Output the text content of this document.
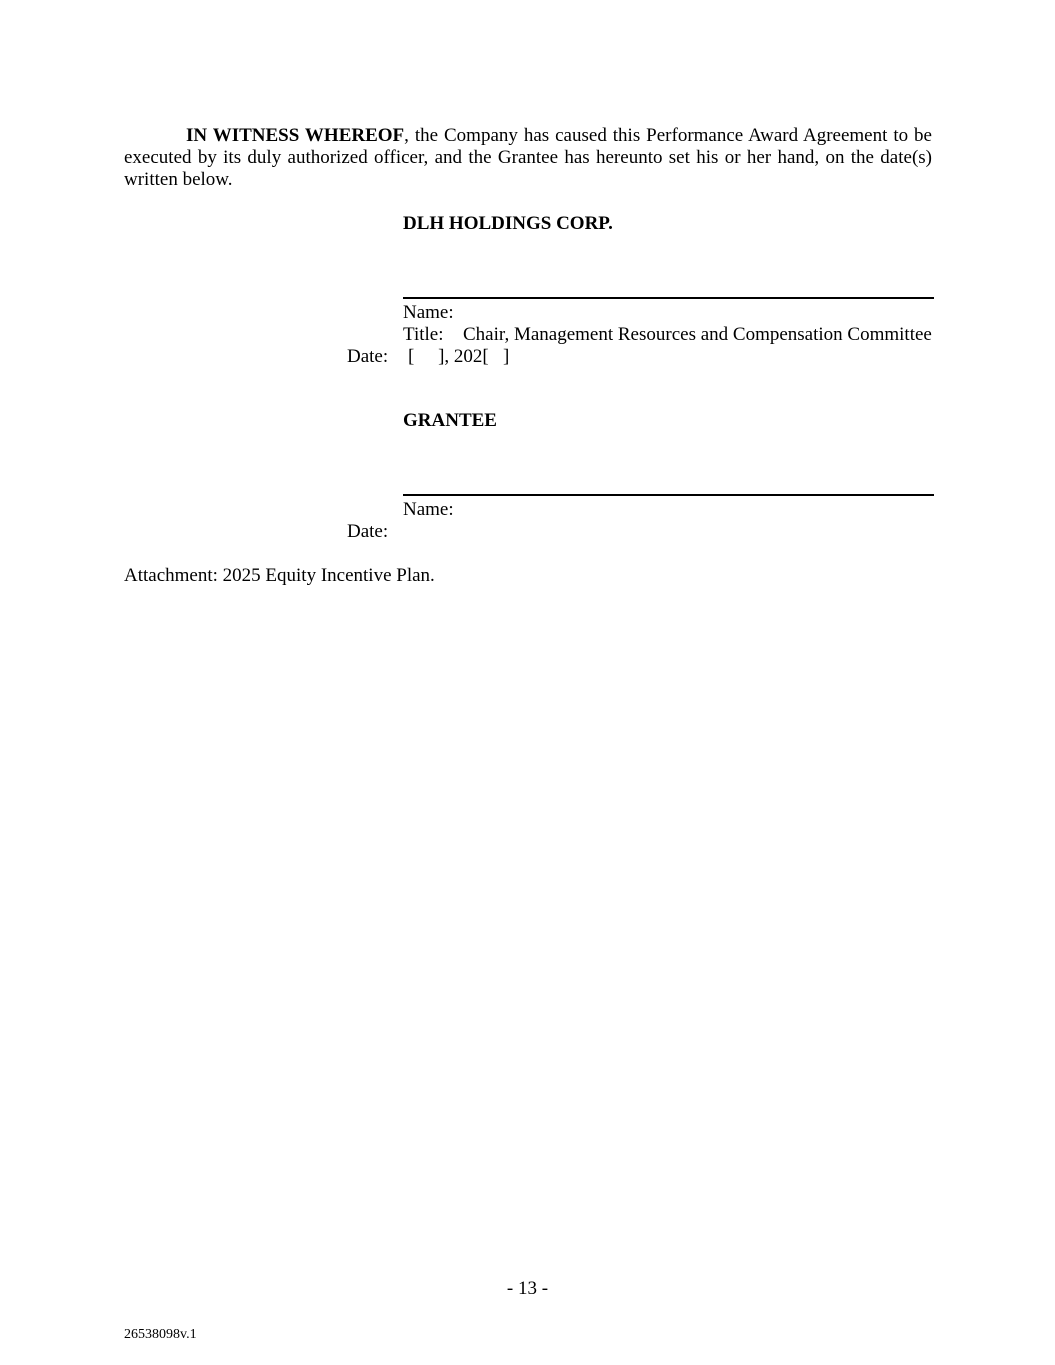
IN WITNESS WHEREOF, the Company has caused this Performance Award Agreement to be executed by its duly authorized officer, and the Grantee has hereunto set his or her hand, on the date(s) written below.
DLH HOLDINGS CORP.
Name:
Title: Chair, Management Resources and Compensation Committee
Date: [     ], 202[   ]
GRANTEE
Name:
Date:
Attachment: 2025 Equity Incentive Plan.
- 13 -
26538098v.1
